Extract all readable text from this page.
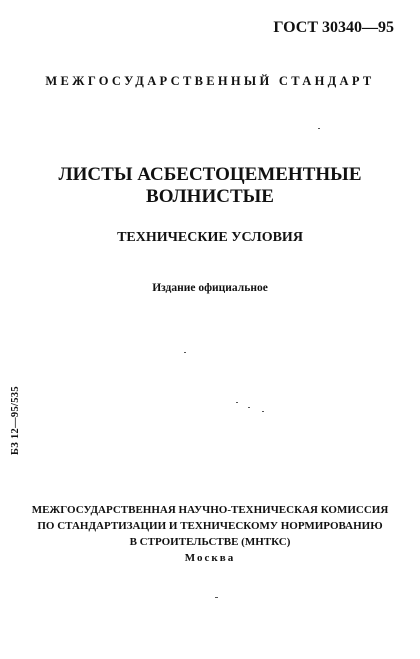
ГОСТ 30340—95
МЕЖГОСУДАРСТВЕННЫЙ СТАНДАРТ
ЛИСТЫ АСБЕСТОЦЕМЕНТНЫЕ
ВОЛНИСТЫЕ
ТЕХНИЧЕСКИЕ УСЛОВИЯ
Издание официальное
БЗ 12—95/535
МЕЖГОСУДАРСТВЕННАЯ НАУЧНО-ТЕХНИЧЕСКАЯ КОМИССИЯ
ПО СТАНДАРТИЗАЦИИ И ТЕХНИЧЕСКОМУ НОРМИРОВАНИЮ
В СТРОИТЕЛЬСТВЕ (МНТКС)
Москва
